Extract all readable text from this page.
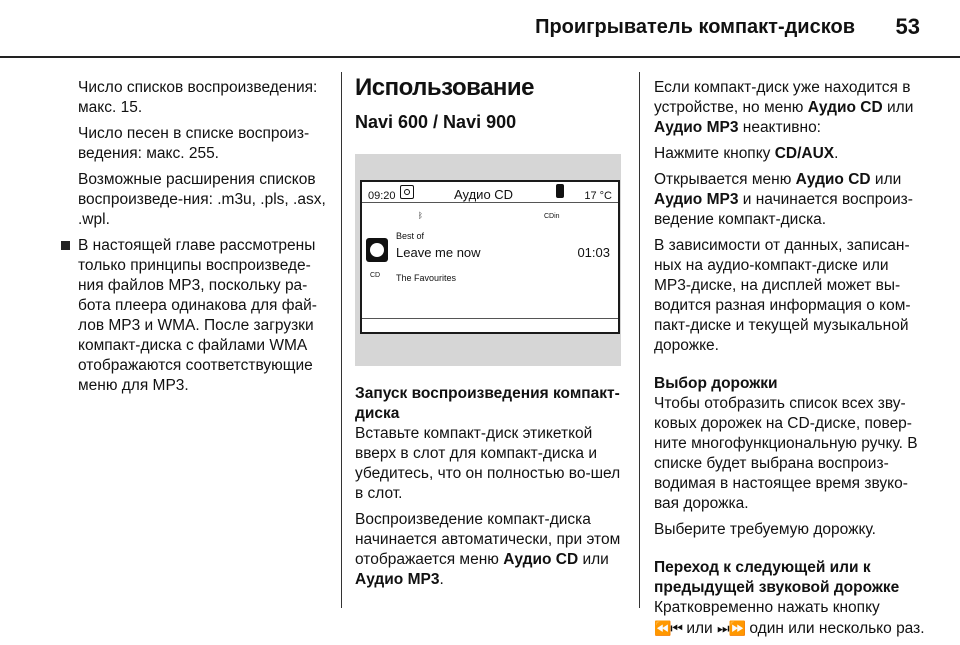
Проигрыватель компакт-дисков 53

Число списков воспроизведения: макс. 15.

Число песен в списке воспроиз-ведения: макс. 255.

Возможные расширения списков воспроизведе-ния: .m3u, .pls, .asx, .wpl.

В настоящей главе рассмотрены только принципы воспроизведе-ния файлов MP3, поскольку ра-бота плеера одинакова для фай-лов MP3 и WMA. После загрузки компакт-диска с файлами WMA отображаются соответствующие меню для MP3.

Использование
Navi 600 / Navi 900
09:20	Аудио CD	17 °C
ᛒ	CDin
Best of
CD
Leave me now	01:03
The Favourites
Запуск воспроизведения компакт-диска

Вставьте компакт-диск этикеткой вверх в слот для компакт-диска и убедитесь, что он полностью во-шел в слот.

Воспроизведение компакт-диска начинается автоматически, при этом отображается меню Аудио CD или Аудио MP3.

Если компакт-диск уже находится в устройстве, но меню Аудио CD или Аудио MP3 неактивно:

Нажмите кнопку CD/AUX.

Открывается меню Аудио CD или Аудио MP3 и начинается воспроиз-ведение компакт-диска.

В зависимости от данных, записан-ных на аудио-компакт-диске или MP3-диске, на дисплей может вы-водится разная информация о ком-пакт-диске и текущей музыкальной дорожке.

Выбор дорожки

Чтобы отобразить список всех зву-ковых дорожек на CD-диске, повер-ните многофункциональную ручку. В списке будет выбрана воспроиз-водимая в настоящее время звуко-вая дорожка.

Выберите требуемую дорожку.

Переход к следующей или к предыдущей звуковой дорожке

Кратковременно нажать кнопку
⏪⏮ или ⏭⏩ один или несколько раз.
